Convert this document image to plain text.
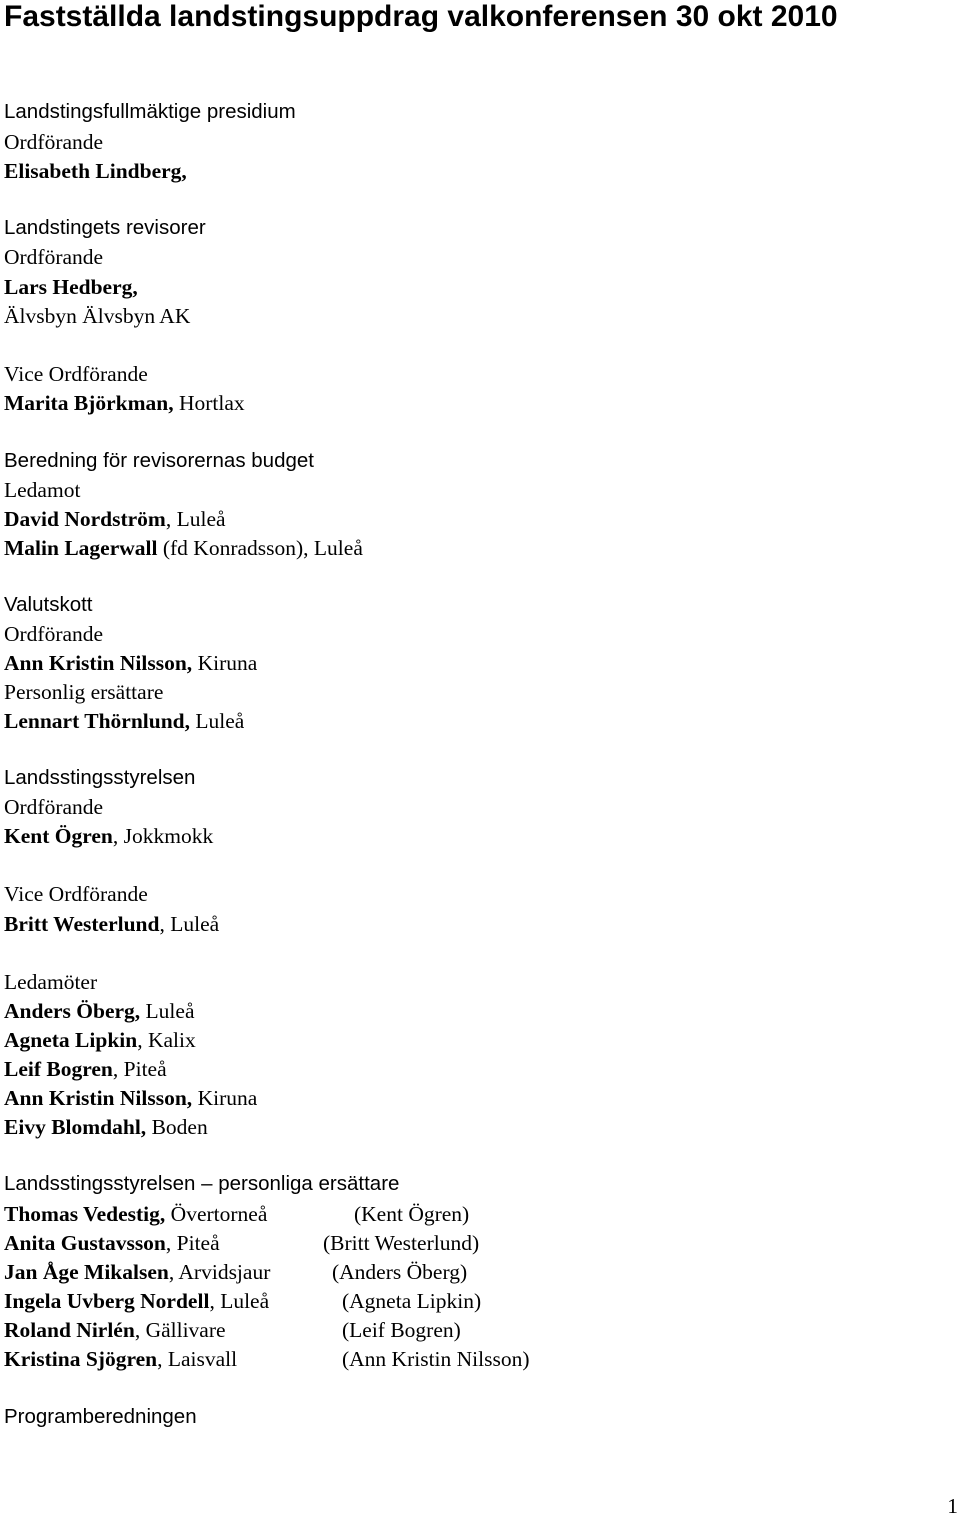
Fastställda landstingsuppdrag valkonferensen 30 okt 2010
Landstingsfullmäktige presidium
Ordförande
Elisabeth Lindberg,
Landstingets revisorer
Ordförande
Lars Hedberg,
Älvsbyn Älvsbyn AK
Vice Ordförande
Marita Björkman, Hortlax
Beredning för revisorernas budget
Ledamot
David Nordström, Luleå
Malin Lagerwall (fd Konradsson), Luleå
Valutskott
Ordförande
Ann Kristin Nilsson, Kiruna
Personlig ersättare
Lennart Thörnlund, Luleå
Landsstingsstyrelsen
Ordförande
Kent Ögren, Jokkmokk
Vice Ordförande
Britt Westerlund, Luleå
Ledamöter
Anders Öberg, Luleå
Agneta Lipkin, Kalix
Leif Bogren, Piteå
Ann Kristin Nilsson, Kiruna
Eivy Blomdahl, Boden
Landsstingsstyrelsen – personliga ersättare
Thomas Vedestig, Övertorneå	(Kent Ögren)
Anita Gustavsson, Piteå	(Britt Westerlund)
Jan Åge Mikalsen, Arvidsjaur	(Anders Öberg)
Ingela Uvberg Nordell, Luleå	(Agneta Lipkin)
Roland Nirlén, Gällivare	(Leif Bogren)
Kristina Sjögren, Laisvall	(Ann Kristin Nilsson)
Programberedningen
1
